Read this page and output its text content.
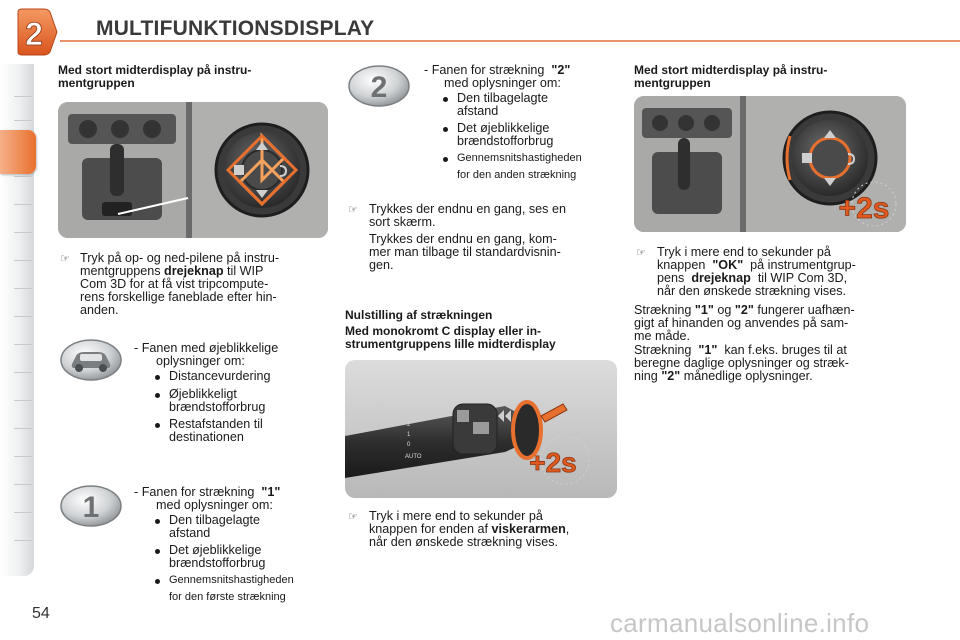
2	MULTIFUNKTIONSDISPLAY
Med stort midterdisplay på instru-
mentgruppen
☞ Tryk på op- og ned-pilene på instru-
mentgruppens drejeknap til WIP
Com 3D for at få vist tripcompute-
rens forskellige faneblade efter hin-
anden.
- Fanen med øjeblikkelige
oplysninger om:
Distancevurdering
Øjeblikkeligt
brændstofforbrug
Restafstanden til
destinationen
1	- Fanen for strækning "1"
med oplysninger om:
Den tilbagelagte
afstand
Det øjeblikkelige
brændstofforbrug
Gennemsnitshastigheden
for den første strækning
2
- Fanen for strækning "2"
med oplysninger om:
Den tilbagelagte
afstand
Det øjeblikkelige
brændstofforbrug
Gennemsnitshastigheden
for den anden strækning
☞ Trykkes der endnu en gang, ses en
sort skærm.
Trykkes der endnu en gang, kom-
mer man tilbage til standardvisnin-
gen.
Nulstilling af strækningen
Med monokromt C display eller in-
strumentgruppens lille midterdisplay
AUTO
0
1
2
+2s
☞ Tryk i mere end to sekunder på
knappen for enden af viskerarmen,
når den ønskede strækning vises.
Med stort midterdisplay på instru-
mentgruppen
+2s
☞ Tryk i mere end to sekunder på
knappen "OK" på instrumentgrup-
pens drejeknap til WIP Com 3D,
når den ønskede strækning vises.
Strækning "1" og "2" fungerer uafhæn-
gigt af hinanden og anvendes på sam-
me måde.
Strækning "1" kan f.eks. bruges til at
beregne daglige oplysninger og stræk-
ning "2" månedlige oplysninger.
54	carmanualsonline.info
